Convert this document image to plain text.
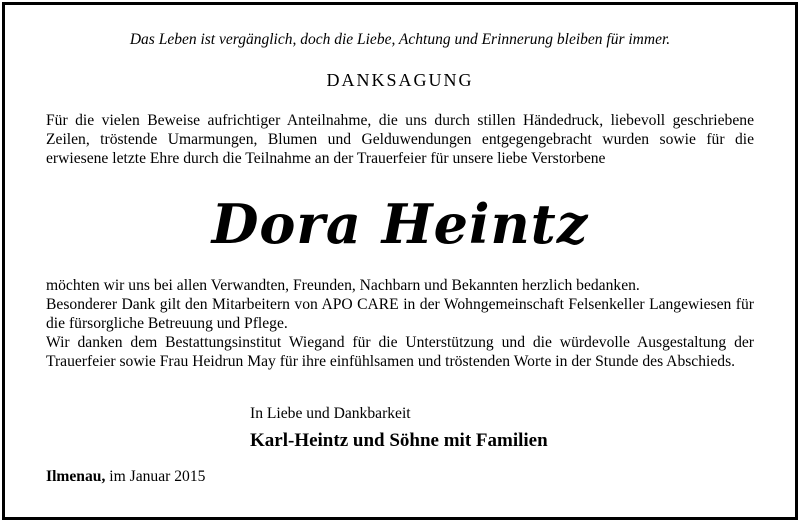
Das Leben ist vergänglich, doch die Liebe, Achtung und Erinnerung bleiben für immer.
DANKSAGUNG
Für die vielen Beweise aufrichtiger Anteilnahme, die uns durch stillen Händedruck, liebevoll geschriebene Zeilen, tröstende Umarmungen, Blumen und Gelduwendungen entgegengebracht wurden sowie für die erwiesene letzte Ehre durch die Teilnahme an der Trauerfeier für unsere liebe Verstorbene
Dora Heintz
möchten wir uns bei allen Verwandten, Freunden, Nachbarn und Bekannten herzlich bedanken.
Besonderer Dank gilt den Mitarbeitern von APO CARE in der Wohngemeinschaft Felsenkeller Langewiesen für die fürsorgliche Betreuung und Pflege.
Wir danken dem Bestattungsinstitut Wiegand für die Unterstützung und die würdevolle Ausgestaltung der Trauerfeier sowie Frau Heidrun May für ihre einfühlsamen und tröstenden Worte in der Stunde des Abschieds.
In Liebe und Dankbarkeit
Karl-Heintz und Söhne mit Familien
Ilmenau, im Januar 2015
